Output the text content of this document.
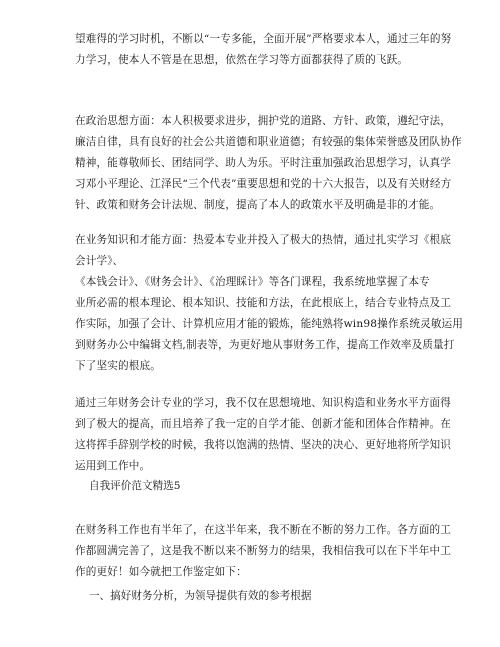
望难得的学习时机，不断以“一专多能，全面开展”严格要求本人，通过三年的努
力学习，使本人不管是在思想，依然在学习等方面都获得了质的飞跃。

在政治思想方面：本人积极要求进步，拥护党的道路、方针、政策，遵纪守法，
廉洁自律，具有良好的社会公共道德和职业道德；有较强的集体荣誉感及团队协作
精神，能尊敬师长、团结同学、助人为乐。平时注重加强政治思想学习，认真学
习邓小平理论、江泽民“三个代表”重要思想和党的十六大报告，以及有关财经方
针、政策和财务会计法规、制度，提高了本人的政策水平及明确是非的才能。

在业务知识和才能方面：热爱本专业并投入了极大的热情，通过扎实学习《根底
会计学》、
《本钱会计》、《财务会计》、《治理睬计》等各门课程，我系统地掌握了本专
业所必需的根本理论、根本知识、技能和方法，在此根底上，结合专业特点及工
作实际，加强了会计、计算机应用才能的锻炼，能纯熟将win98操作系统灵敏运用
到财务办公中编辑文档,制表等，为更好地从事财务工作，提高工作效率及质量打
下了坚实的根底。

通过三年财务会计专业的学习，我不仅在思想境地、知识构造和业务水平方面得
到了极大的提高，而且培养了我一定的自学才能、创新才能和团体合作精神。在
这将挥手辞别学校的时候，我将以饱满的热情、坚决的决心、更好地将所学知识
运用到工作中。

自我评价范文精选5

在财务科工作也有半年了，在这半年来，我不断在不断的努力工作。各方面的工
作都圆满完善了，这是我不断以来不断努力的结果，我相信我可以在下半年中工
作的更好！如今就把工作鉴定如下：

一、搞好财务分析，为领导提供有效的参考根据
